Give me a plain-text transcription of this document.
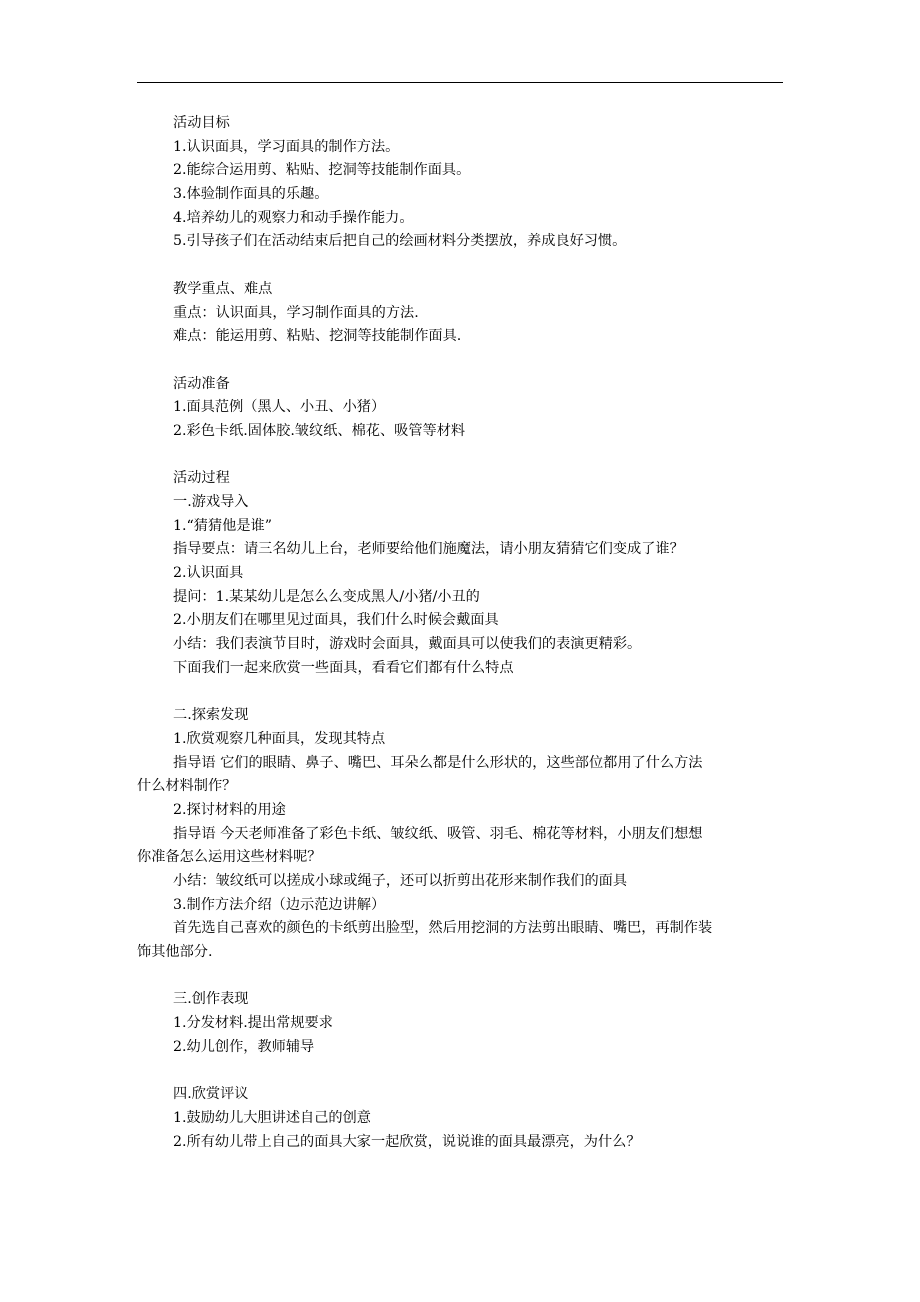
活动目标
1.认识面具，学习面具的制作方法。
2.能综合运用剪、粘贴、挖洞等技能制作面具。
3.体验制作面具的乐趣。
4.培养幼儿的观察力和动手操作能力。
5.引导孩子们在活动结束后把自己的绘画材料分类摆放，养成良好习惯。
教学重点、难点
重点：认识面具，学习制作面具的方法.
难点：能运用剪、粘贴、挖洞等技能制作面具.
活动准备
1.面具范例（黑人、小丑、小猪）
2.彩色卡纸.固体胶.皱纹纸、棉花、吸管等材料
活动过程
一.游戏导入
1.“猜猜他是谁”
指导要点：请三名幼儿上台，老师要给他们施魔法，请小朋友猜猜它们变成了谁？
2.认识面具
提问：1.某某幼儿是怎么么变成黑人/小猪/小丑的
2.小朋友们在哪里见过面具，我们什么时候会戴面具
小结：我们表演节目时，游戏时会面具，戴面具可以使我们的表演更精彩。
下面我们一起来欣赏一些面具，看看它们都有什么特点
二.探索发现
1.欣赏观察几种面具，发现其特点
指导语 它们的眼睛、鼻子、嘴巴、耳朵么都是什么形状的，这些部位都用了什么方法
什么材料制作？
2.探讨材料的用途
指导语 今天老师准备了彩色卡纸、皱纹纸、吸管、羽毛、棉花等材料，小朋友们想想
你准备怎么运用这些材料呢？
小结：皱纹纸可以搓成小球或绳子，还可以折剪出花形来制作我们的面具
3.制作方法介绍（边示范边讲解）
首先选自己喜欢的颜色的卡纸剪出脸型，然后用挖洞的方法剪出眼睛、嘴巴，再制作装
饰其他部分.
三.创作表现
1.分发材料.提出常规要求
2.幼儿创作，教师辅导
四.欣赏评议
1.鼓励幼儿大胆讲述自己的创意
2.所有幼儿带上自己的面具大家一起欣赏，说说谁的面具最漂亮，为什么？
